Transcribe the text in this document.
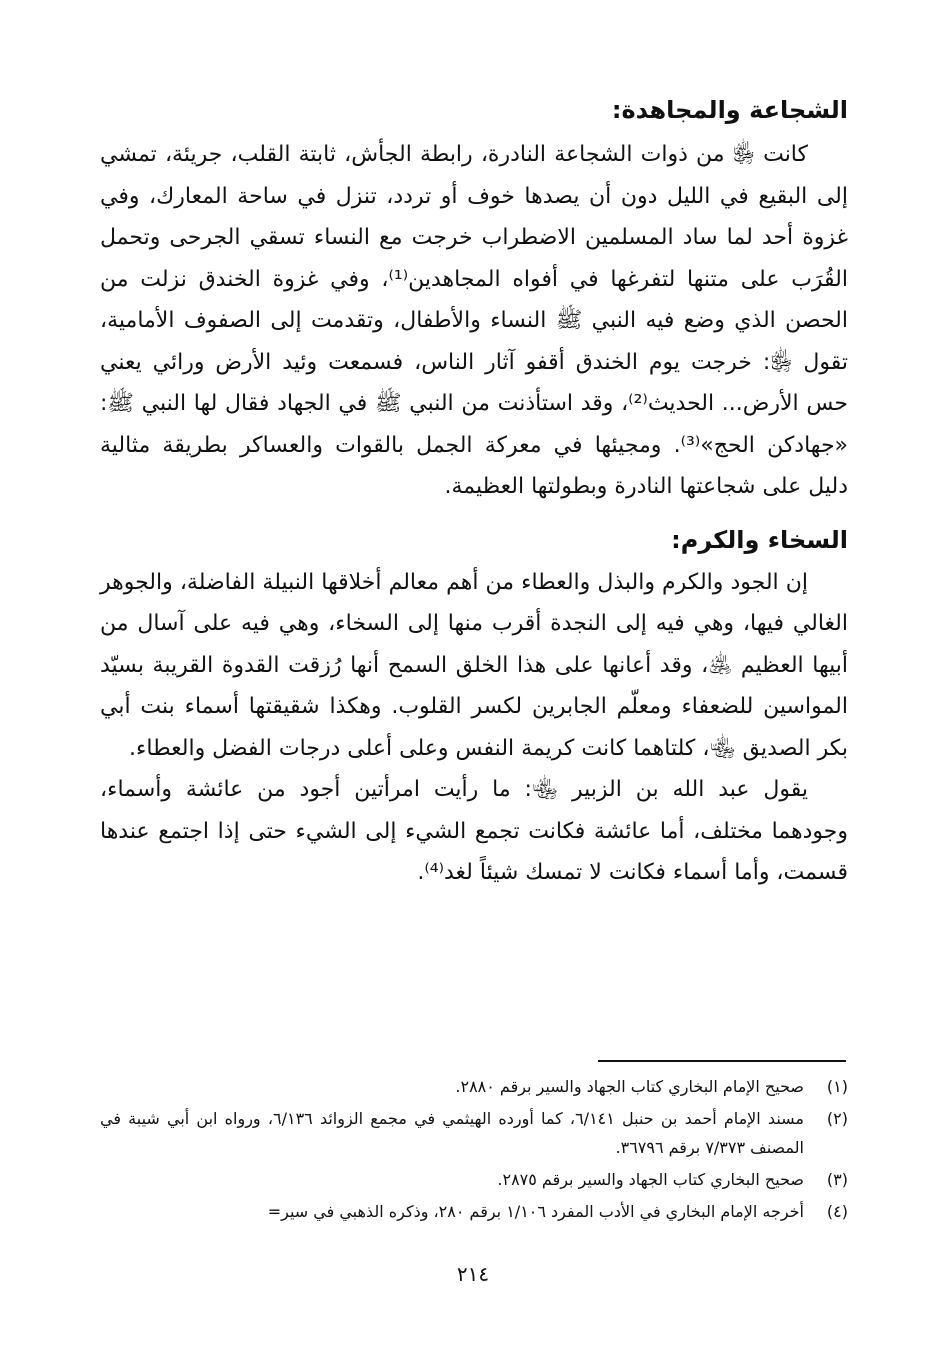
الشجاعة والمجاهدة:

كانت ﵂ من ذوات الشجاعة النادرة، رابطة الجأش، ثابتة القلب، جريئة، تمشي إلى البقيع في الليل دون أن يصدها خوف أو تردد، تنزل في ساحة المعارك، وفي غزوة أحد لما ساد المسلمين الاضطراب خرجت مع النساء تسقي الجرحى وتحمل القُرَب على متنها لتفرغها في أفواه المجاهدين⁽¹⁾، وفي غزوة الخندق نزلت من الحصن الذي وضع فيه النبي ﷺ النساء والأطفال، وتقدمت إلى الصفوف الأمامية، تقول ﵂: خرجت يوم الخندق أقفو آثار الناس، فسمعت وئيد الأرض ورائي يعني حس الأرض... الحديث⁽²⁾، وقد استأذنت من النبي ﷺ في الجهاد فقال لها النبي ﷺ: «جهادكن الحج»⁽³⁾. ومجيئها في معركة الجمل بالقوات والعساكر بطريقة مثالية دليل على شجاعتها النادرة وبطولتها العظيمة.

السخاء والكرم:

إن الجود والكرم والبذل والعطاء من أهم معالم أخلاقها النبيلة الفاضلة، والجوهر الغالي فيها، وهي فيه إلى النجدة أقرب منها إلى السخاء، وهي فيه على آسال من أبيها العظيم ﵁، وقد أعانها على هذا الخلق السمح أنها رُزقت القدوة القريبة بسيّد المواسين للضعفاء ومعلّم الجابرين لكسر القلوب. وهكذا شقيقتها أسماء بنت أبي بكر الصديق ﵄، كلتاهما كانت كريمة النفس وعلى أعلى درجات الفضل والعطاء.

يقول عبد الله بن الزبير ﵄: ما رأيت امرأتين أجود من عائشة وأسماء، وجودهما مختلف، أما عائشة فكانت تجمع الشيء إلى الشيء حتى إذا اجتمع عندها قسمت، وأما أسماء فكانت لا تمسك شيئاً لغد⁽⁴⁾.

(١)
صحيح الإمام البخاري كتاب الجهاد والسير برقم ٢٨٨٠.
(٢)
مسند الإمام أحمد بن حنبل ٦/١٤١، كما أورده الهيثمي في مجمع الزوائد ٦/١٣٦، ورواه ابن أبي شيبة في المصنف ٧/٣٧٣ برقم ٣٦٧٩٦.
(٣)
صحيح البخاري كتاب الجهاد والسير برقم ٢٨٧٥.
(٤)
أخرجه الإمام البخاري في الأدب المفرد ١/١٠٦ برقم ٢٨٠، وذكره الذهبي في سير=
٢١٤
